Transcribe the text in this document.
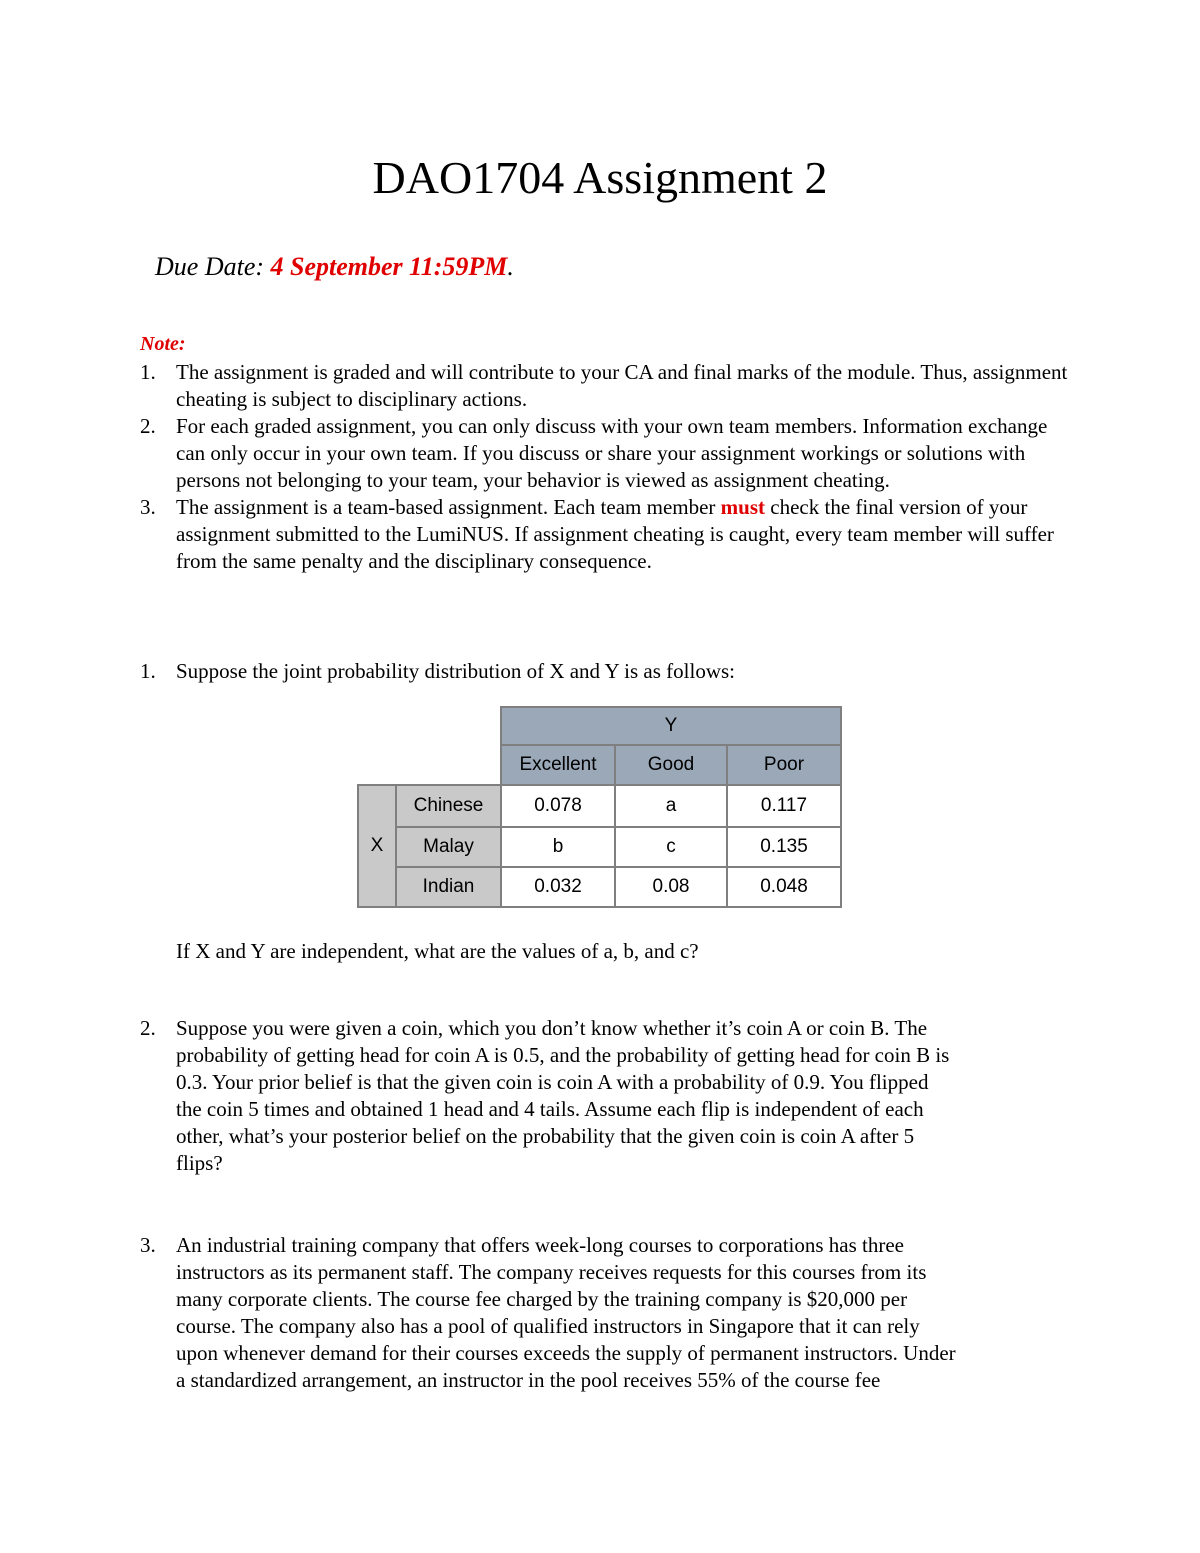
DAO1704 Assignment 2
Due Date: 4 September 11:59PM.
Note:
1. The assignment is graded and will contribute to your CA and final marks of the module. Thus, assignment cheating is subject to disciplinary actions.
2. For each graded assignment, you can only discuss with your own team members. Information exchange can only occur in your own team. If you discuss or share your assignment workings or solutions with persons not belonging to your team, your behavior is viewed as assignment cheating.
3. The assignment is a team-based assignment. Each team member must check the final version of your assignment submitted to the LumiNUS. If assignment cheating is caught, every team member will suffer from the same penalty and the disciplinary consequence.
1. Suppose the joint probability distribution of X and Y is as follows:
		Y		
		Excellent	Good	Poor
X	Chinese	0.078	a	0.117
	Malay	b	c	0.135
	Indian	0.032	0.08	0.048
If X and Y are independent, what are the values of a, b, and c?
2. Suppose you were given a coin, which you don’t know whether it’s coin A or coin B. The
probability of getting head for coin A is 0.5, and the probability of getting head for coin B is
0.3. Your prior belief is that the given coin is coin A with a probability of 0.9. You flipped
the coin 5 times and obtained 1 head and 4 tails. Assume each flip is independent of each
other, what’s your posterior belief on the probability that the given coin is coin A after 5
flips?
3. An industrial training company that offers week-long courses to corporations has three
instructors as its permanent staff. The company receives requests for this courses from its
many corporate clients. The course fee charged by the training company is $20,000 per
course. The company also has a pool of qualified instructors in Singapore that it can rely
upon whenever demand for their courses exceeds the supply of permanent instructors. Under
a standardized arrangement, an instructor in the pool receives 55% of the course fee
